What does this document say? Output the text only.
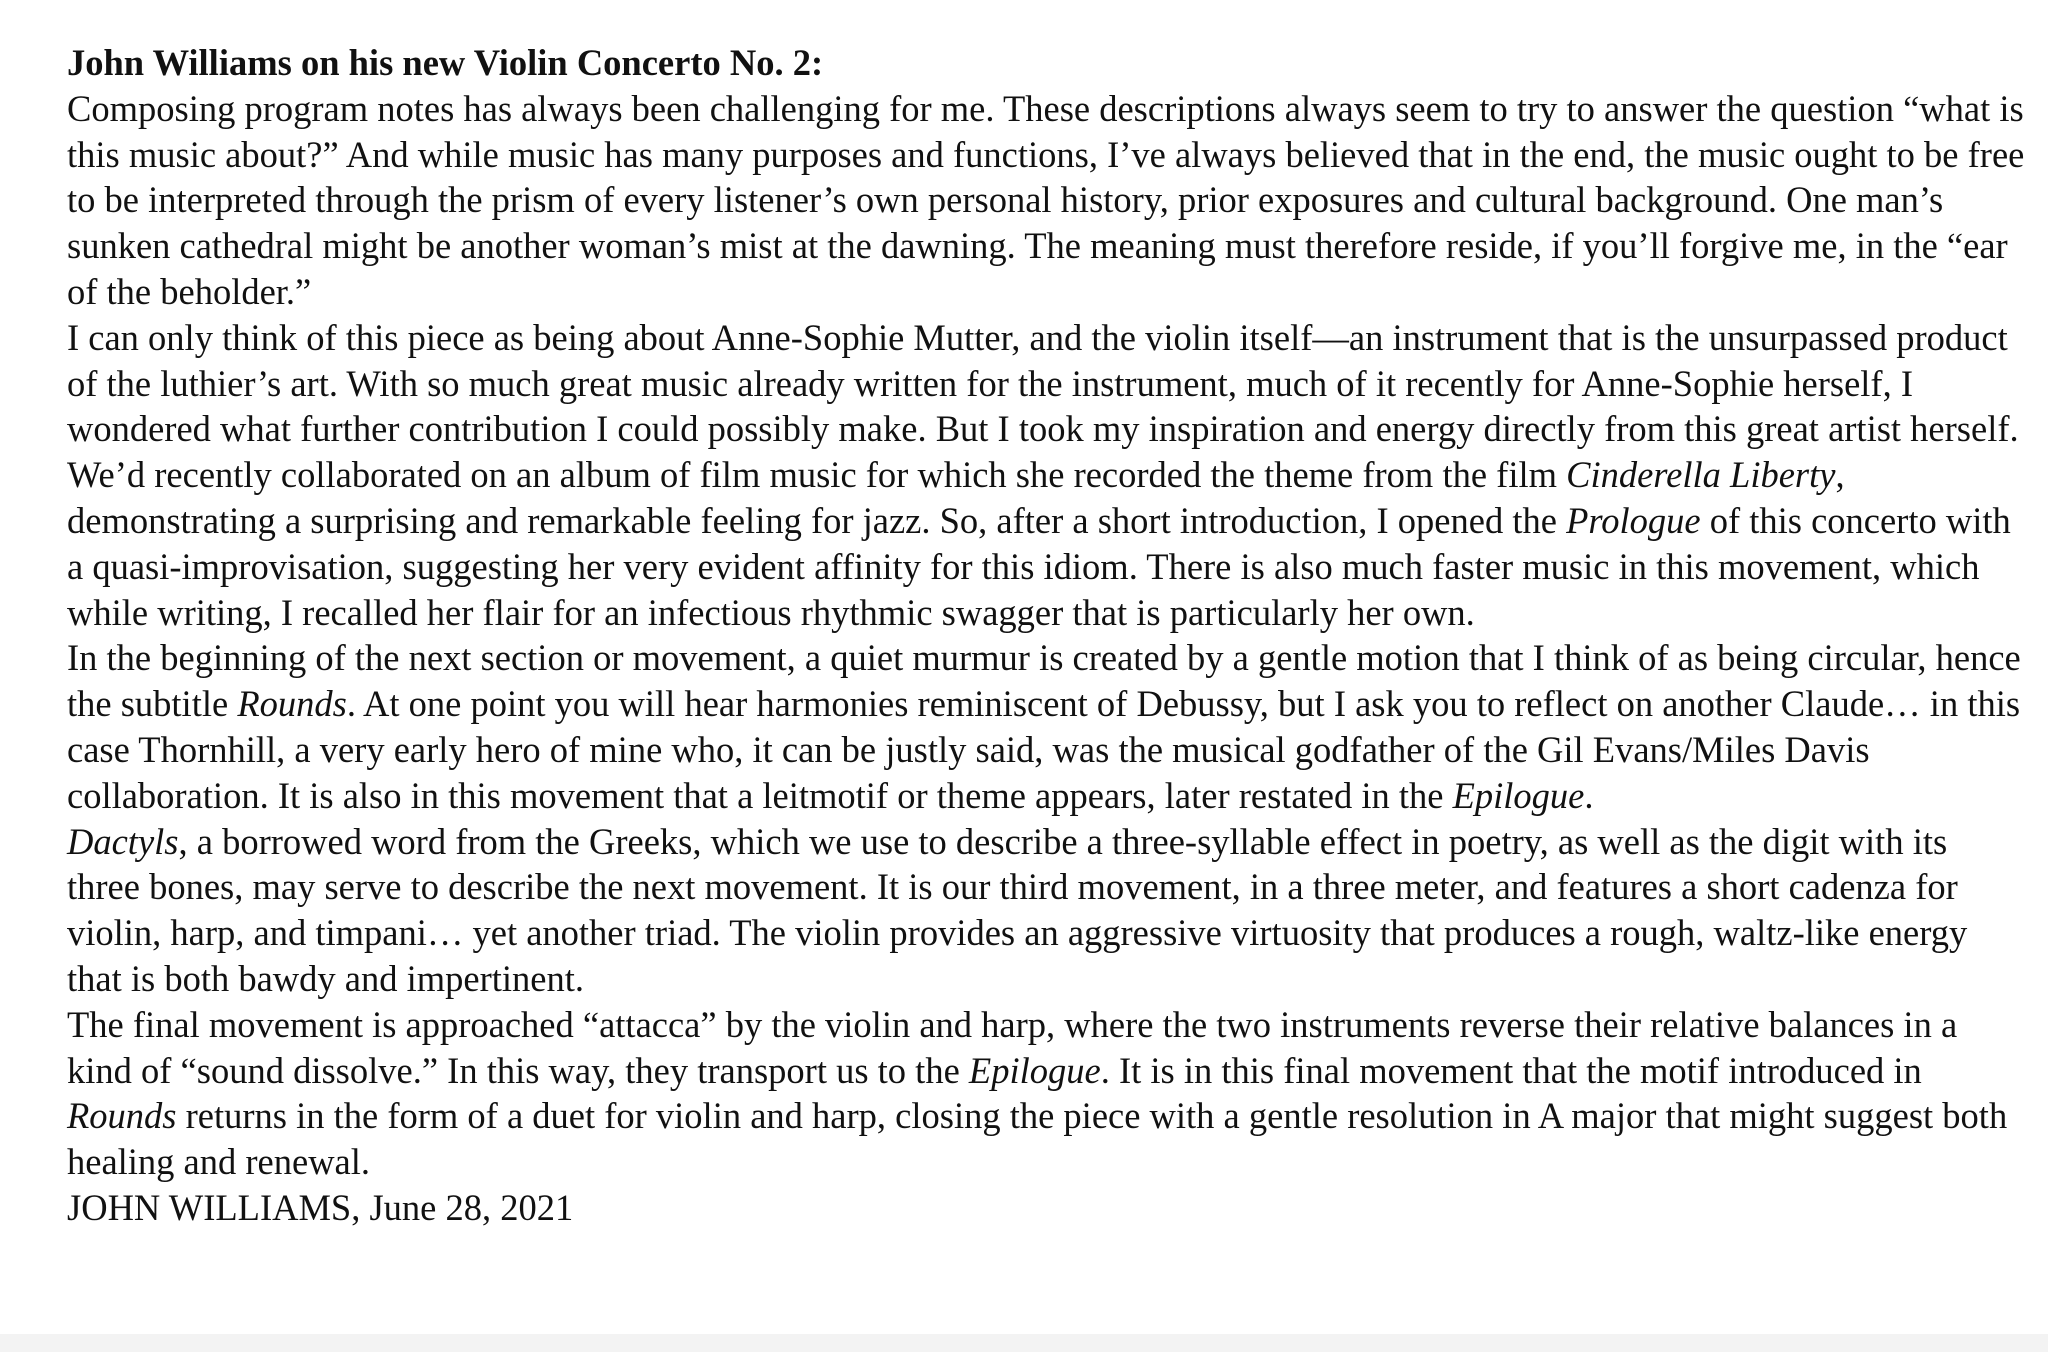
John Williams on his new Violin Concerto No. 2:

Composing program notes has always been challenging for me. These descriptions always seem to try to answer the question “what is this music about?” And while music has many purposes and functions, I’ve always believed that in the end, the music ought to be free to be interpreted through the prism of every listener’s own personal history, prior exposures and cultural background. One man’s sunken cathedral might be another woman’s mist at the dawning. The meaning must therefore reside, if you’ll forgive me, in the “ear of the beholder.”

I can only think of this piece as being about Anne-Sophie Mutter, and the violin itself—an instrument that is the unsurpassed product of the luthier’s art. With so much great music already written for the instrument, much of it recently for Anne-Sophie herself, I wondered what further contribution I could possibly make. But I took my inspiration and energy directly from this great artist herself. We’d recently collaborated on an album of film music for which she recorded the theme from the film Cinderella Liberty, demonstrating a surprising and remarkable feeling for jazz. So, after a short introduction, I opened the Prologue of this concerto with a quasi-improvisation, suggesting her very evident affinity for this idiom. There is also much faster music in this movement, which while writing, I recalled her flair for an infectious rhythmic swagger that is particularly her own.

In the beginning of the next section or movement, a quiet murmur is created by a gentle motion that I think of as being circular, hence the subtitle Rounds. At one point you will hear harmonies reminiscent of Debussy, but I ask you to reflect on another Claude… in this case Thornhill, a very early hero of mine who, it can be justly said, was the musical godfather of the Gil Evans/Miles Davis collaboration. It is also in this movement that a leitmotif or theme appears, later restated in the Epilogue.

Dactyls, a borrowed word from the Greeks, which we use to describe a three-syllable effect in poetry, as well as the digit with its three bones, may serve to describe the next movement. It is our third movement, in a three meter, and features a short cadenza for violin, harp, and timpani… yet another triad. The violin provides an aggressive virtuosity that produces a rough, waltz-like energy that is both bawdy and impertinent.

The final movement is approached “attacca” by the violin and harp, where the two instruments reverse their relative balances in a kind of “sound dissolve.” In this way, they transport us to the Epilogue. It is in this final movement that the motif introduced in Rounds returns in the form of a duet for violin and harp, closing the piece with a gentle resolution in A major that might suggest both healing and renewal.

JOHN WILLIAMS, June 28, 2021
